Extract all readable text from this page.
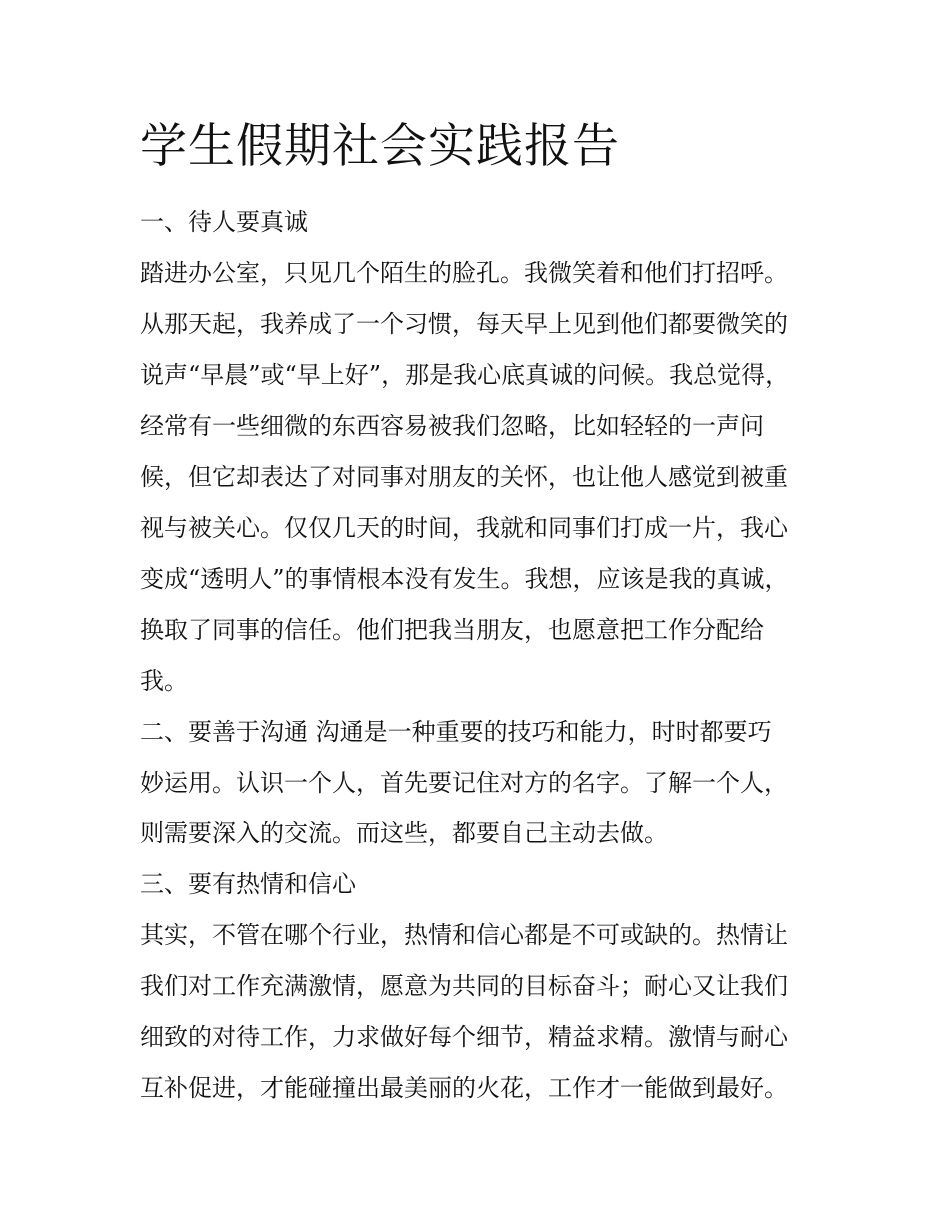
学生假期社会实践报告

一、待人要真诚

踏进办公室，只见几个陌生的脸孔。我微笑着和他们打招呼。

从那天起，我养成了一个习惯，每天早上见到他们都要微笑的

说声“早晨”或“早上好”，那是我心底真诚的问候。我总觉得，

经常有一些细微的东西容易被我们忽略，比如轻轻的一声问

候，但它却表达了对同事对朋友的关怀，也让他人感觉到被重

视与被关心。仅仅几天的时间，我就和同事们打成一片，我心

变成“透明人”的事情根本没有发生。我想，应该是我的真诚，

换取了同事的信任。他们把我当朋友，也愿意把工作分配给

我。

二、要善于沟通 沟通是一种重要的技巧和能力，时时都要巧

妙运用。认识一个人，首先要记住对方的名字。了解一个人，

则需要深入的交流。而这些，都要自己主动去做。

三、要有热情和信心

其实，不管在哪个行业，热情和信心都是不可或缺的。热情让

我们对工作充满激情，愿意为共同的目标奋斗；耐心又让我们

细致的对待工作，力求做好每个细节，精益求精。激情与耐心

互补促进，才能碰撞出最美丽的火花，工作才一能做到最好。
